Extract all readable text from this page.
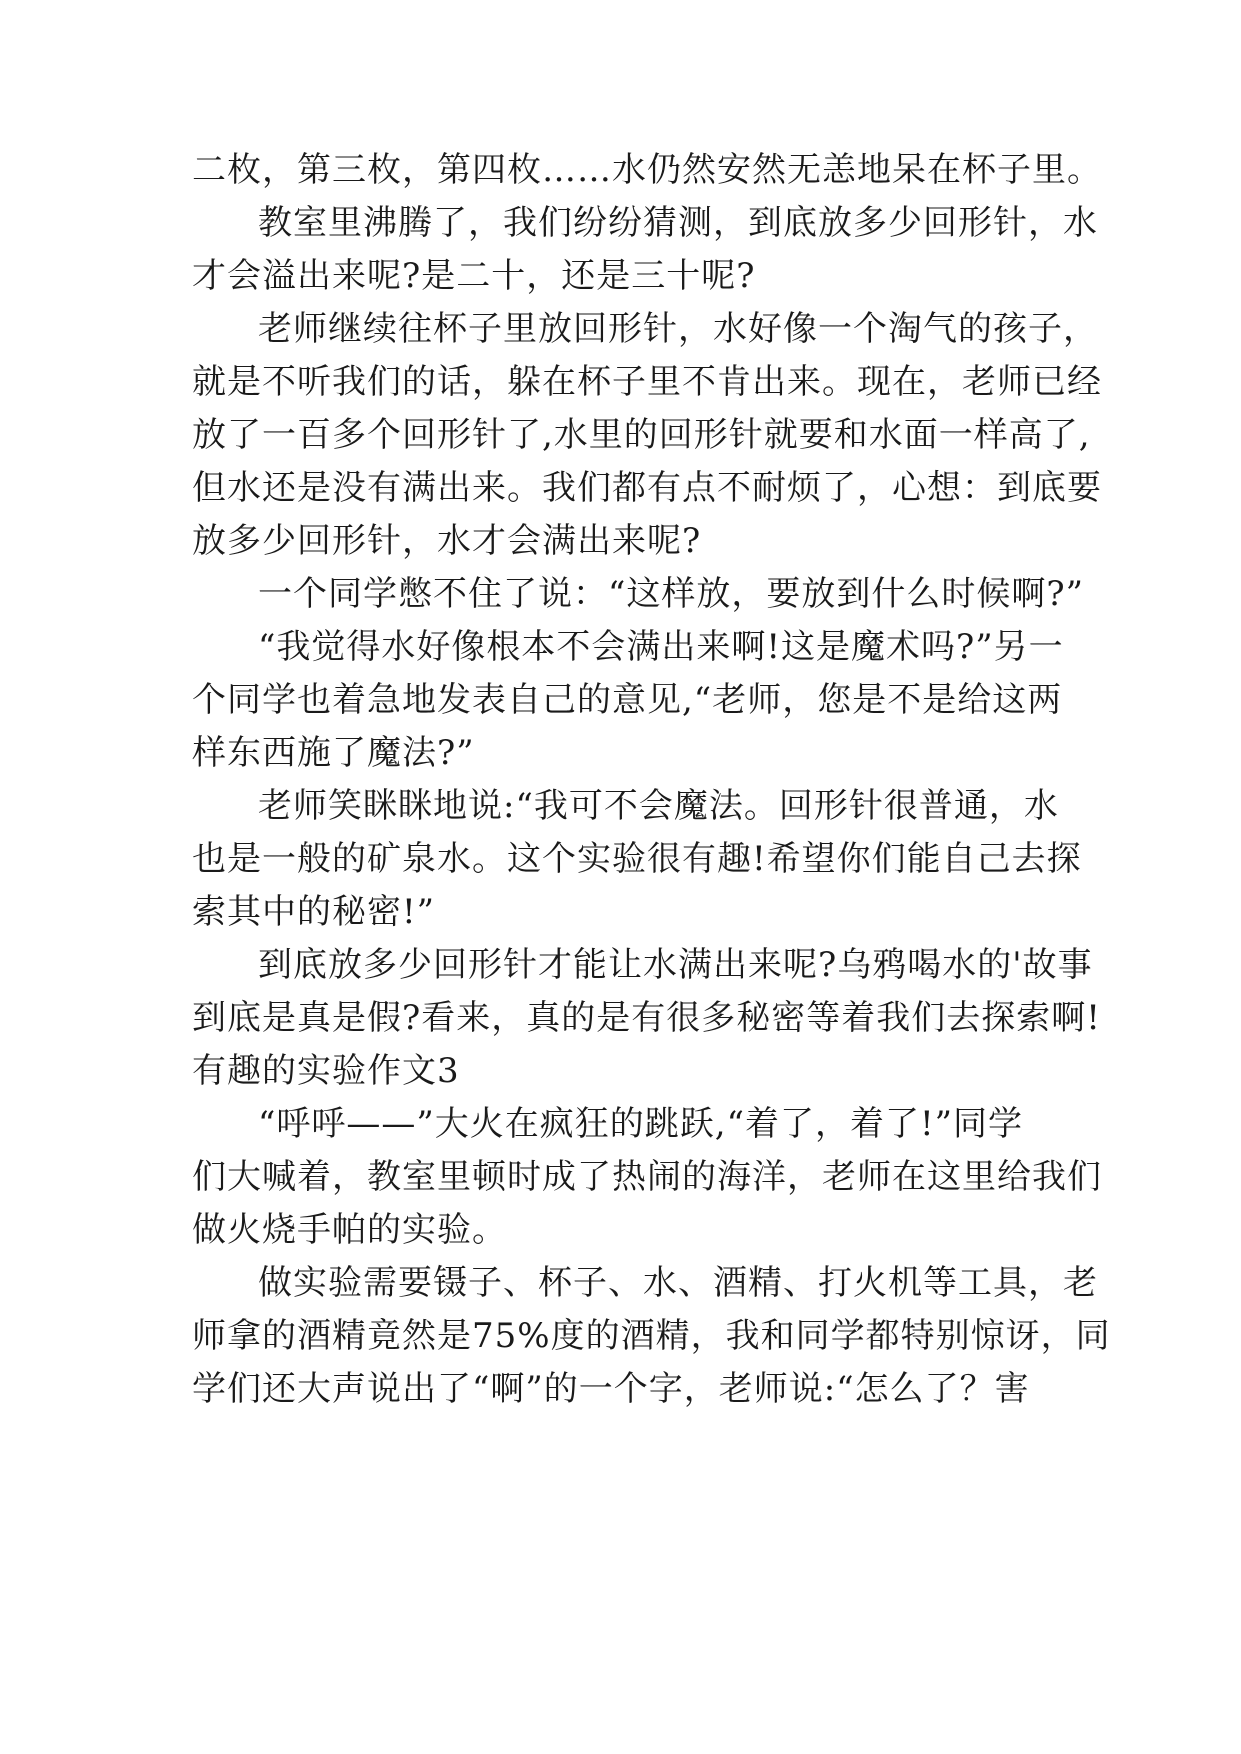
二枚，第三枚，第四枚……水仍然安然无恙地呆在杯子里。
教室里沸腾了，我们纷纷猜测，到底放多少回形针，水
才会溢出来呢?是二十，还是三十呢?
老师继续往杯子里放回形针，水好像一个淘气的孩子，
就是不听我们的话，躲在杯子里不肯出来。现在，老师已经
放了一百多个回形针了,水里的回形针就要和水面一样高了,
但水还是没有满出来。我们都有点不耐烦了，心想：到底要
放多少回形针，水才会满出来呢?
一个同学憋不住了说：“这样放，要放到什么时候啊?”
“我觉得水好像根本不会满出来啊!这是魔术吗?”另一
个同学也着急地发表自己的意见,“老师，您是不是给这两
样东西施了魔法?”
老师笑眯眯地说:“我可不会魔法。回形针很普通，水
也是一般的矿泉水。这个实验很有趣!希望你们能自己去探
索其中的秘密!”
到底放多少回形针才能让水满出来呢?乌鸦喝水的'故事
到底是真是假?看来，真的是有很多秘密等着我们去探索啊!
有趣的实验作文3
“呼呼——”大火在疯狂的跳跃,“着了，着了!”同学
们大喊着，教室里顿时成了热闹的海洋，老师在这里给我们
做火烧手帕的实验。
做实验需要镊子、杯子、水、酒精、打火机等工具，老
师拿的酒精竟然是75%度的酒精，我和同学都特别惊讶，同
学们还大声说出了“啊”的一个字，老师说:“怎么了？害
